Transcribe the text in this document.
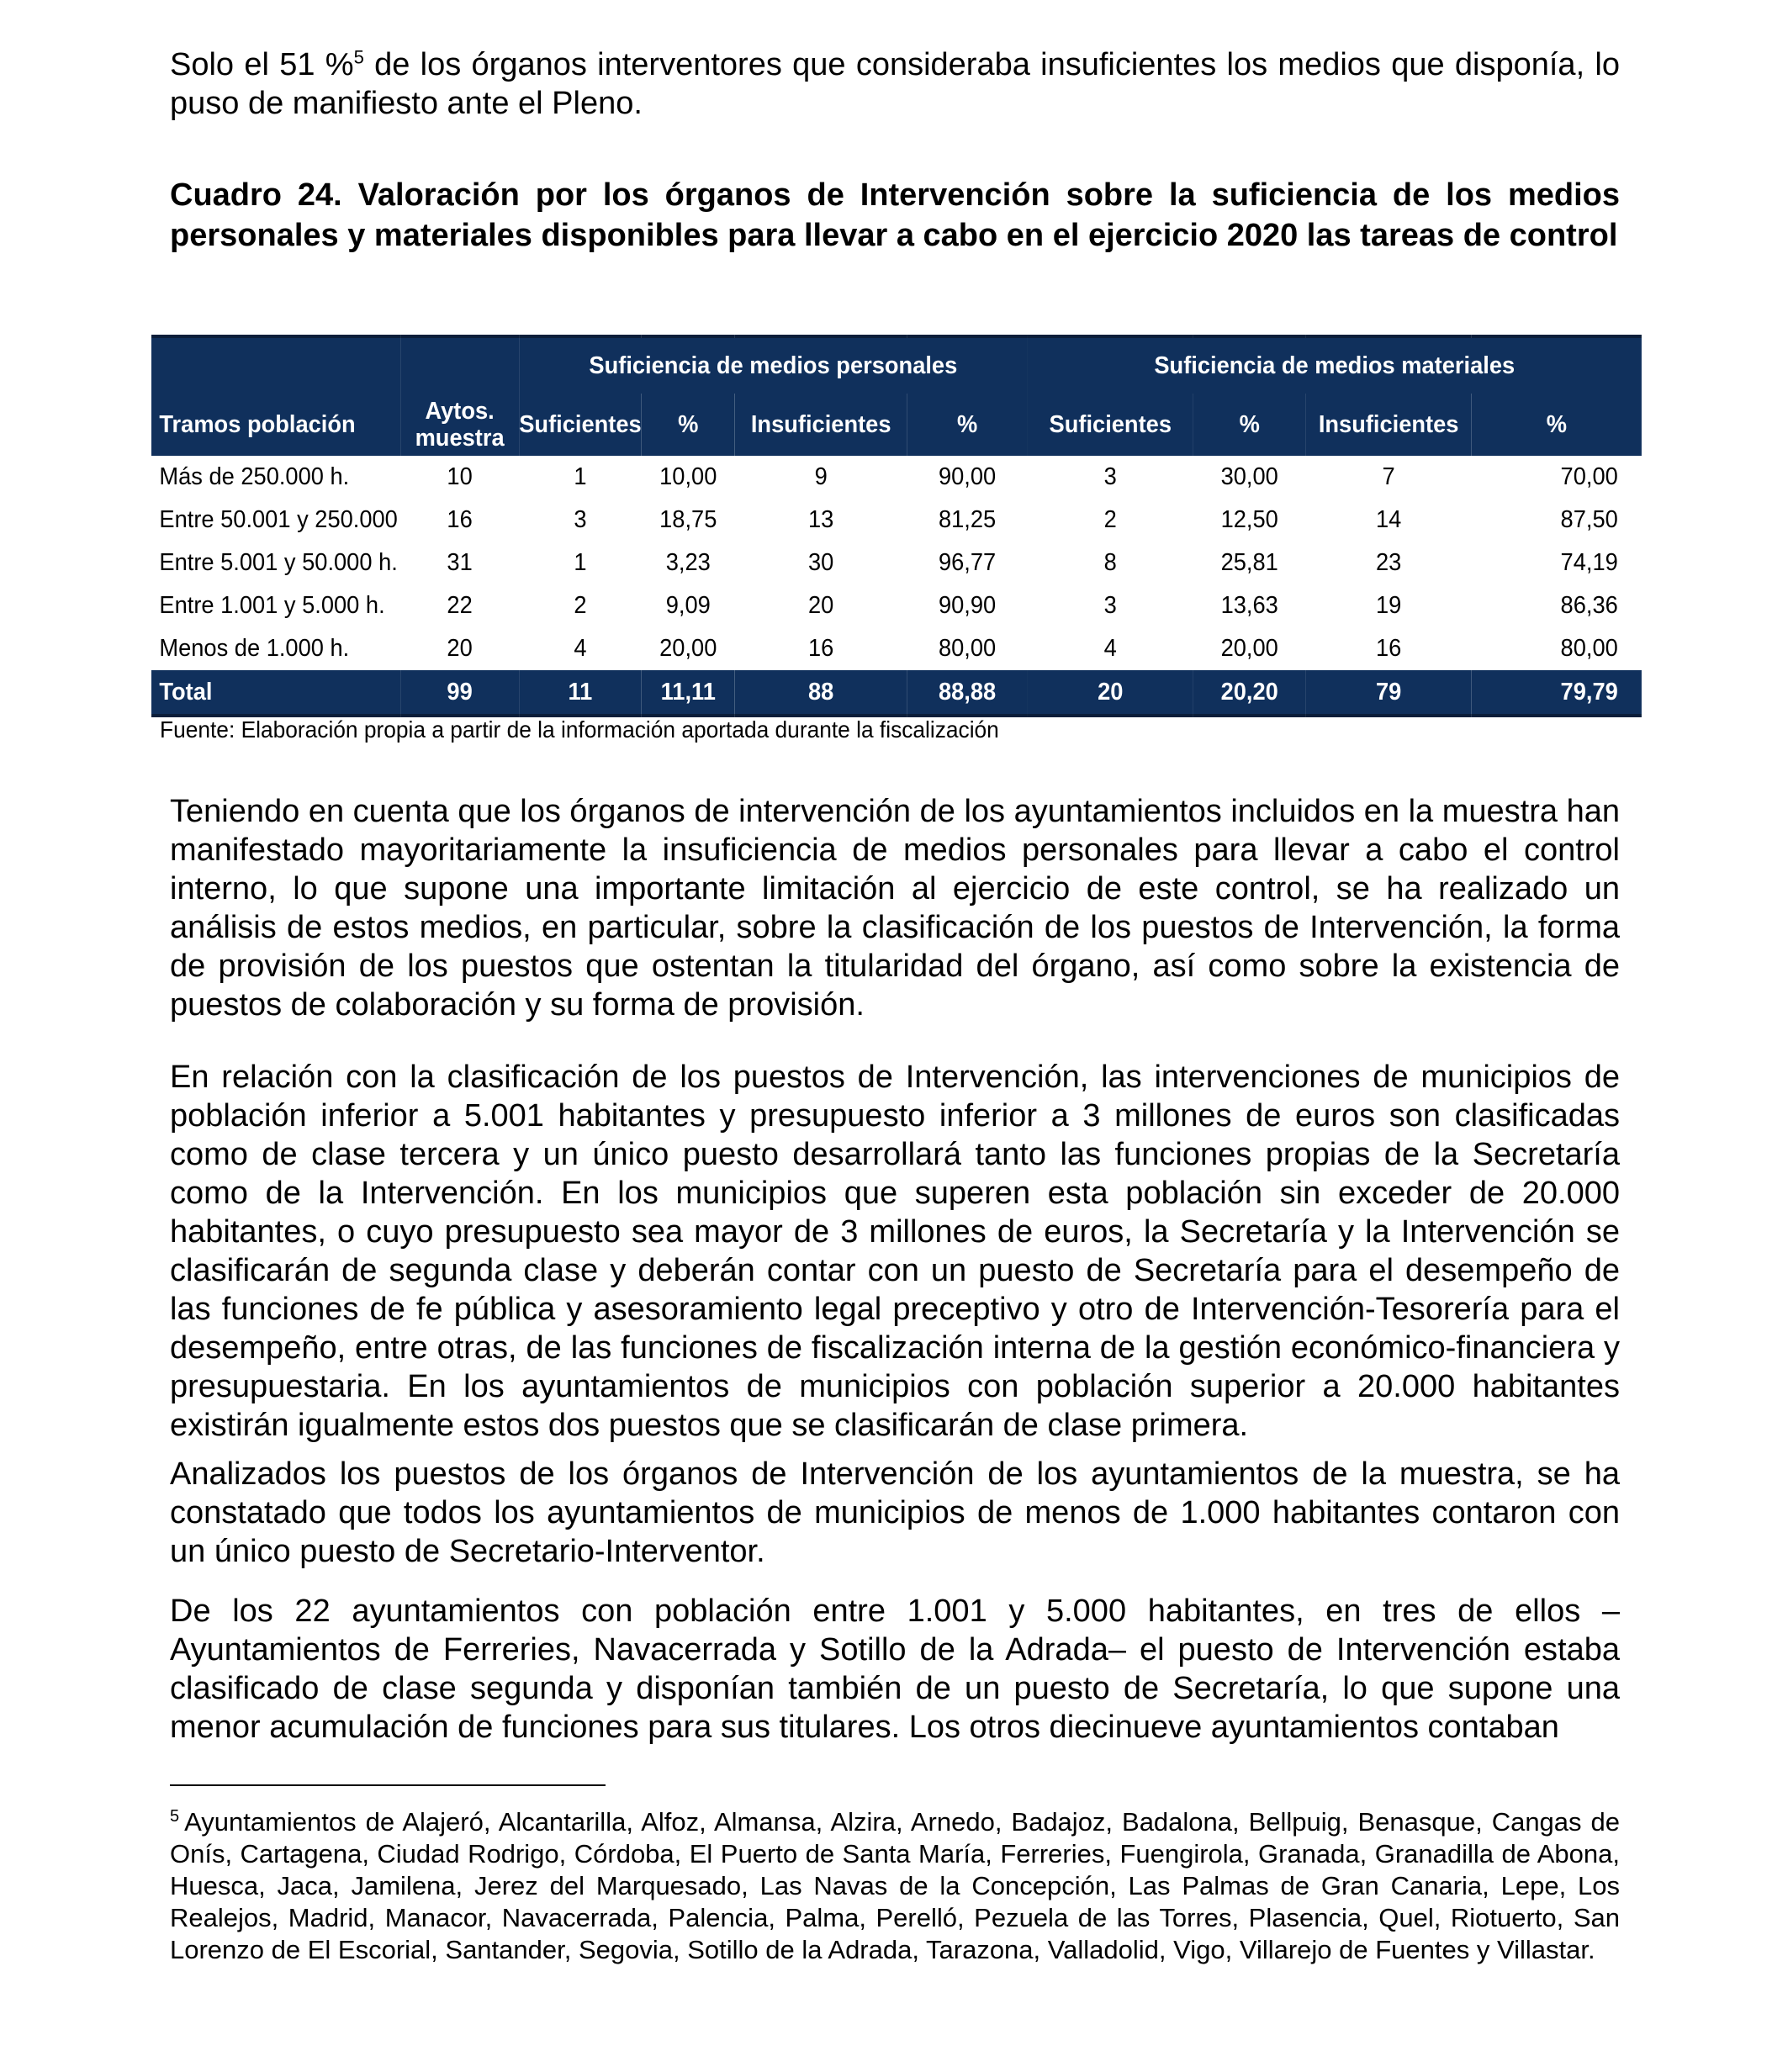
Solo el 51 %$^5$ de los órganos interventores que consideraba insuficientes los medios que disponía, lo puso de manifiesto ante el Pleno.

Cuadro 24. Valoración por los órganos de Intervención sobre la suficiencia de los medios personales y materiales disponibles para llevar a cabo en el ejercicio 2020 las tareas de control

		Suficiencia de medios personales				Suficiencia de medios materiales			
Tramos población	Aytos. muestra	Suficientes	%	Insuficientes	%	Suficientes	%	Insuficientes	%
Más de 250.000 h.	10	1	10,00	9	90,00	3	30,00	7	70,00
Entre 50.001 y 250.000	16	3	18,75	13	81,25	2	12,50	14	87,50
Entre 5.001 y 50.000 h.	31	1	3,23	30	96,77	8	25,81	23	74,19
Entre 1.001 y 5.000 h.	22	2	9,09	20	90,90	3	13,63	19	86,36
Menos de 1.000 h.	20	4	20,00	16	80,00	4	20,00	16	80,00
Total	99	11	11,11	88	88,88	20	20,20	79	79,79

Fuente: Elaboración propia a partir de la información aportada durante la fiscalización

Teniendo en cuenta que los órganos de intervención de los ayuntamientos incluidos en la muestra han manifestado mayoritariamente la insuficiencia de medios personales para llevar a cabo el control interno, lo que supone una importante limitación al ejercicio de este control, se ha realizado un análisis de estos medios, en particular, sobre la clasificación de los puestos de Intervención, la forma de provisión de los puestos que ostentan la titularidad del órgano, así como sobre la existencia de puestos de colaboración y su forma de provisión.

En relación con la clasificación de los puestos de Intervención, las intervenciones de municipios de población inferior a 5.001 habitantes y presupuesto inferior a 3 millones de euros son clasificadas como de clase tercera y un único puesto desarrollará tanto las funciones propias de la Secretaría como de la Intervención. En los municipios que superen esta población sin exceder de 20.000 habitantes, o cuyo presupuesto sea mayor de 3 millones de euros, la Secretaría y la Intervención se clasificarán de segunda clase y deberán contar con un puesto de Secretaría para el desempeño de las funciones de fe pública y asesoramiento legal preceptivo y otro de Intervención-Tesorería para el desempeño, entre otras, de las funciones de fiscalización interna de la gestión económico-financiera y presupuestaria. En los ayuntamientos de municipios con población superior a 20.000 habitantes existirán igualmente estos dos puestos que se clasificarán de clase primera.

Analizados los puestos de los órganos de Intervención de los ayuntamientos de la muestra, se ha constatado que todos los ayuntamientos de municipios de menos de 1.000 habitantes contaron con un único puesto de Secretario-Interventor.

De los 22 ayuntamientos con población entre 1.001 y 5.000 habitantes, en tres de ellos –Ayuntamientos de Ferreries, Navacerrada y Sotillo de la Adrada– el puesto de Intervención estaba clasificado de clase segunda y disponían también de un puesto de Secretaría, lo que supone una menor acumulación de funciones para sus titulares. Los otros diecinueve ayuntamientos contaban

$^5$ Ayuntamientos de Alajeró, Alcantarilla, Alfoz, Almansa, Alzira, Arnedo, Badajoz, Badalona, Bellpuig, Benasque, Cangas de Onís, Cartagena, Ciudad Rodrigo, Córdoba, El Puerto de Santa María, Ferreries, Fuengirola, Granada, Granadilla de Abona, Huesca, Jaca, Jamilena, Jerez del Marquesado, Las Navas de la Concepción, Las Palmas de Gran Canaria, Lepe, Los Realejos, Madrid, Manacor, Navacerrada, Palencia, Palma, Perelló, Pezuela de las Torres, Plasencia, Quel, Riotuerto, San Lorenzo de El Escorial, Santander, Segovia, Sotillo de la Adrada, Tarazona, Valladolid, Vigo, Villarejo de Fuentes y Villastar.
